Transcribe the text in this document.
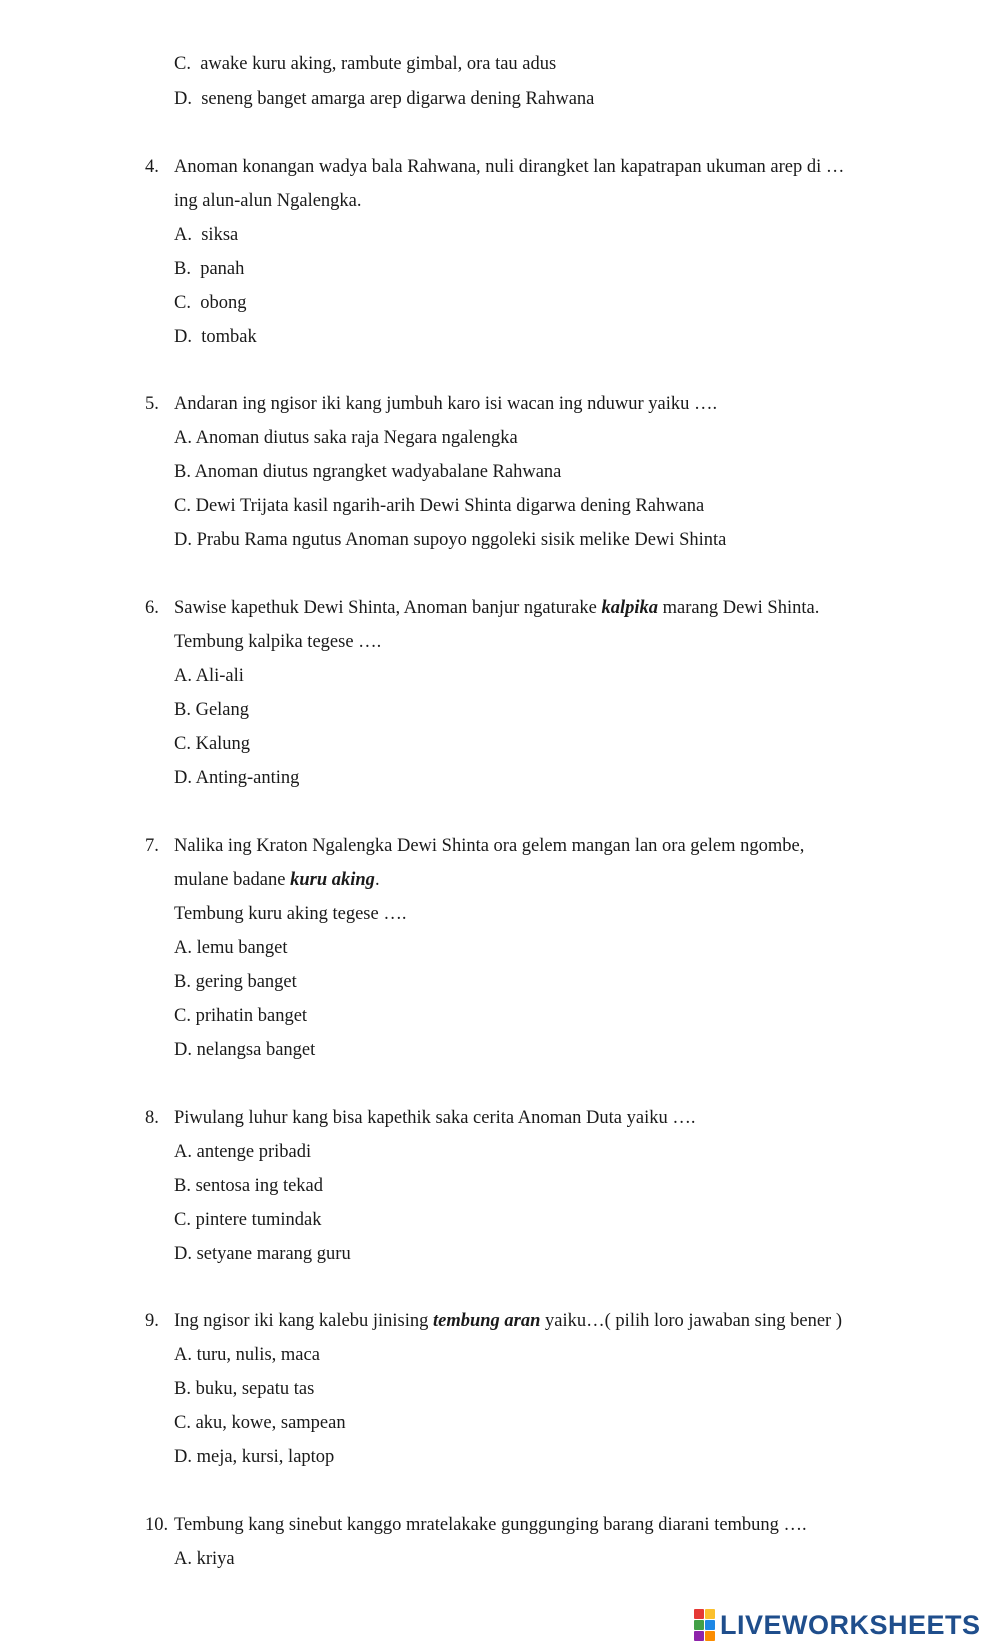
C.  awake kuru aking, rambute gimbal, ora tau adus
D.  seneng banget amarga arep digarwa dening Rahwana
4. Anoman konangan wadya bala Rahwana, nuli dirangket lan kapatrapan ukuman arep di …
ing alun-alun Ngalengka.
A.  siksa
B.  panah
C.  obong
D.  tombak
5. Andaran ing ngisor iki kang jumbuh karo isi wacan ing nduwur yaiku ….
A. Anoman diutus saka raja Negara ngalengka
B. Anoman diutus ngrangket wadyabalane Rahwana
C. Dewi Trijata kasil ngarih-arih Dewi Shinta digarwa dening Rahwana
D. Prabu Rama ngutus Anoman supoyo nggoleki sisik melike Dewi Shinta
6. Sawise kapethuk Dewi Shinta, Anoman banjur ngaturake kalpika marang Dewi Shinta.
Tembung kalpika tegese ….
A. Ali-ali
B. Gelang
C. Kalung
D. Anting-anting
7. Nalika ing Kraton Ngalengka Dewi Shinta ora gelem mangan lan ora gelem ngombe,
mulane badane kuru aking.
Tembung kuru aking tegese ….
A. lemu banget
B. gering banget
C. prihatin banget
D. nelangsa banget
8. Piwulang luhur kang bisa kapethik saka cerita Anoman Duta yaiku ….
A. antenge pribadi
B. sentosa ing tekad
C. pintere tumindak
D. setyane marang guru
9. Ing ngisor iki kang kalebu jinising tembung aran yaiku…( pilih loro jawaban sing bener )
A. turu, nulis, maca
B. buku, sepatu tas
C. aku, kowe, sampean
D. meja, kursi, laptop
10. Tembung kang sinebut kanggo mratelakake gunggunging barang diarani tembung ….
A. kriya
LIVEWORKSHEETS
